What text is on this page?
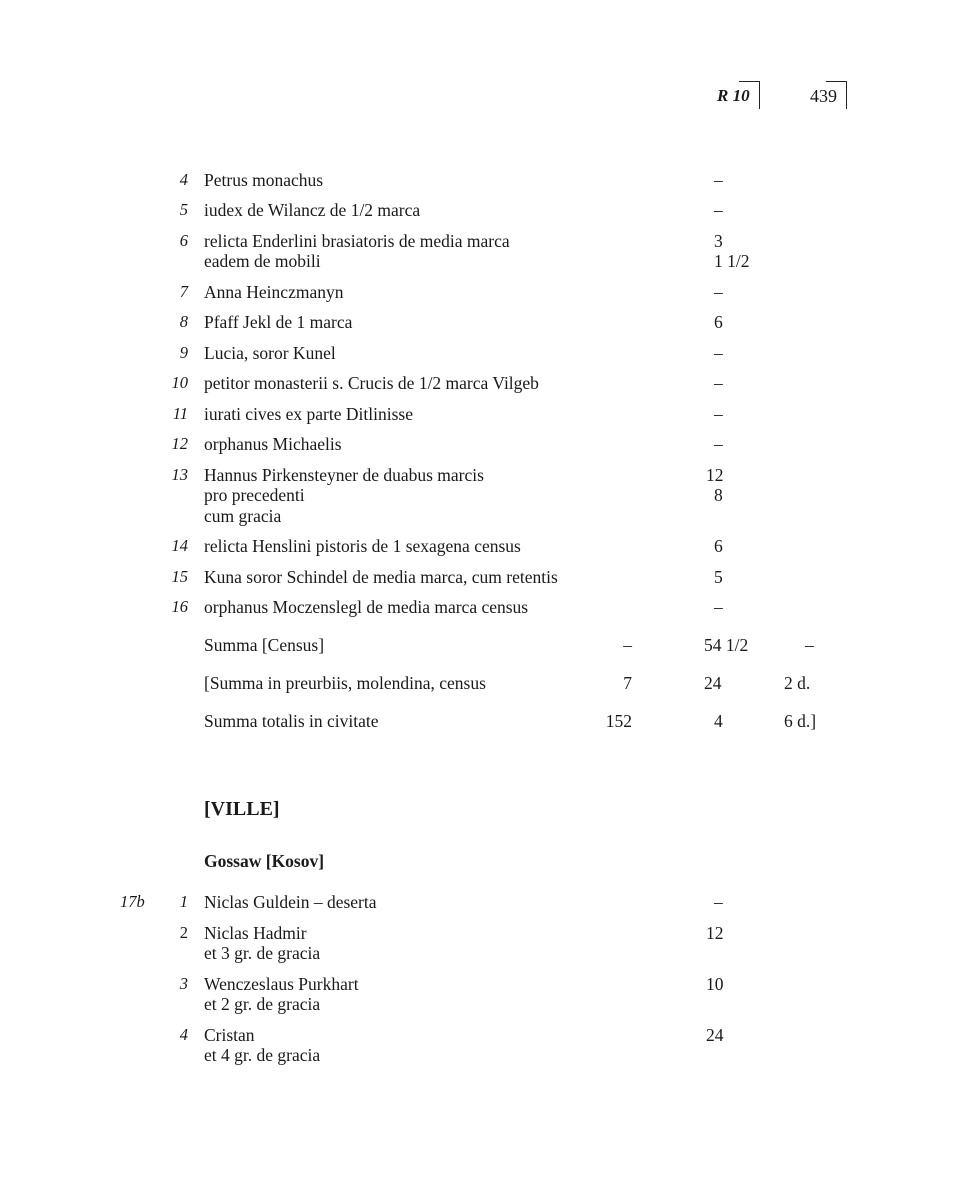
R 10	439
4 Petrus monachus	–
5 iudex de Wilancz de 1/2 marca	–
6 relicta Enderlini brasiatoris de media marca	3
eadem de mobili	1 1/2
7 Anna Heinczmanyn	–
8 Pfaff Jekl de 1 marca	6
9 Lucia, soror Kunel	–
10 petitor monasterii s. Crucis de 1/2 marca Vilgeb	–
11 iurati cives ex parte Ditlinisse	–
12 orphanus Michaelis	–
13 Hannus Pirkensteyner de duabus marcis	12
pro precedenti	8
cum gracia
14 relicta Henslini pistoris de 1 sexagena census	6
15 Kuna soror Schindel de media marca, cum retentis	5
16 orphanus Moczenslegl de media marca census	–
Summa [Census]	–	54 1/2	–
[Summa in preurbiis, molendina, census	7	24	2 d.
Summa totalis in civitate	152	4	6 d.]
[VILLE]
Gossaw [Kosov]
17b	1 Niclas Guldein – deserta	–
2 Niclas Hadmir	12
et 3 gr. de gracia
3 Wenczeslaus Purkhart	10
et 2 gr. de gracia
4 Cristan	24
et 4 gr. de gracia
